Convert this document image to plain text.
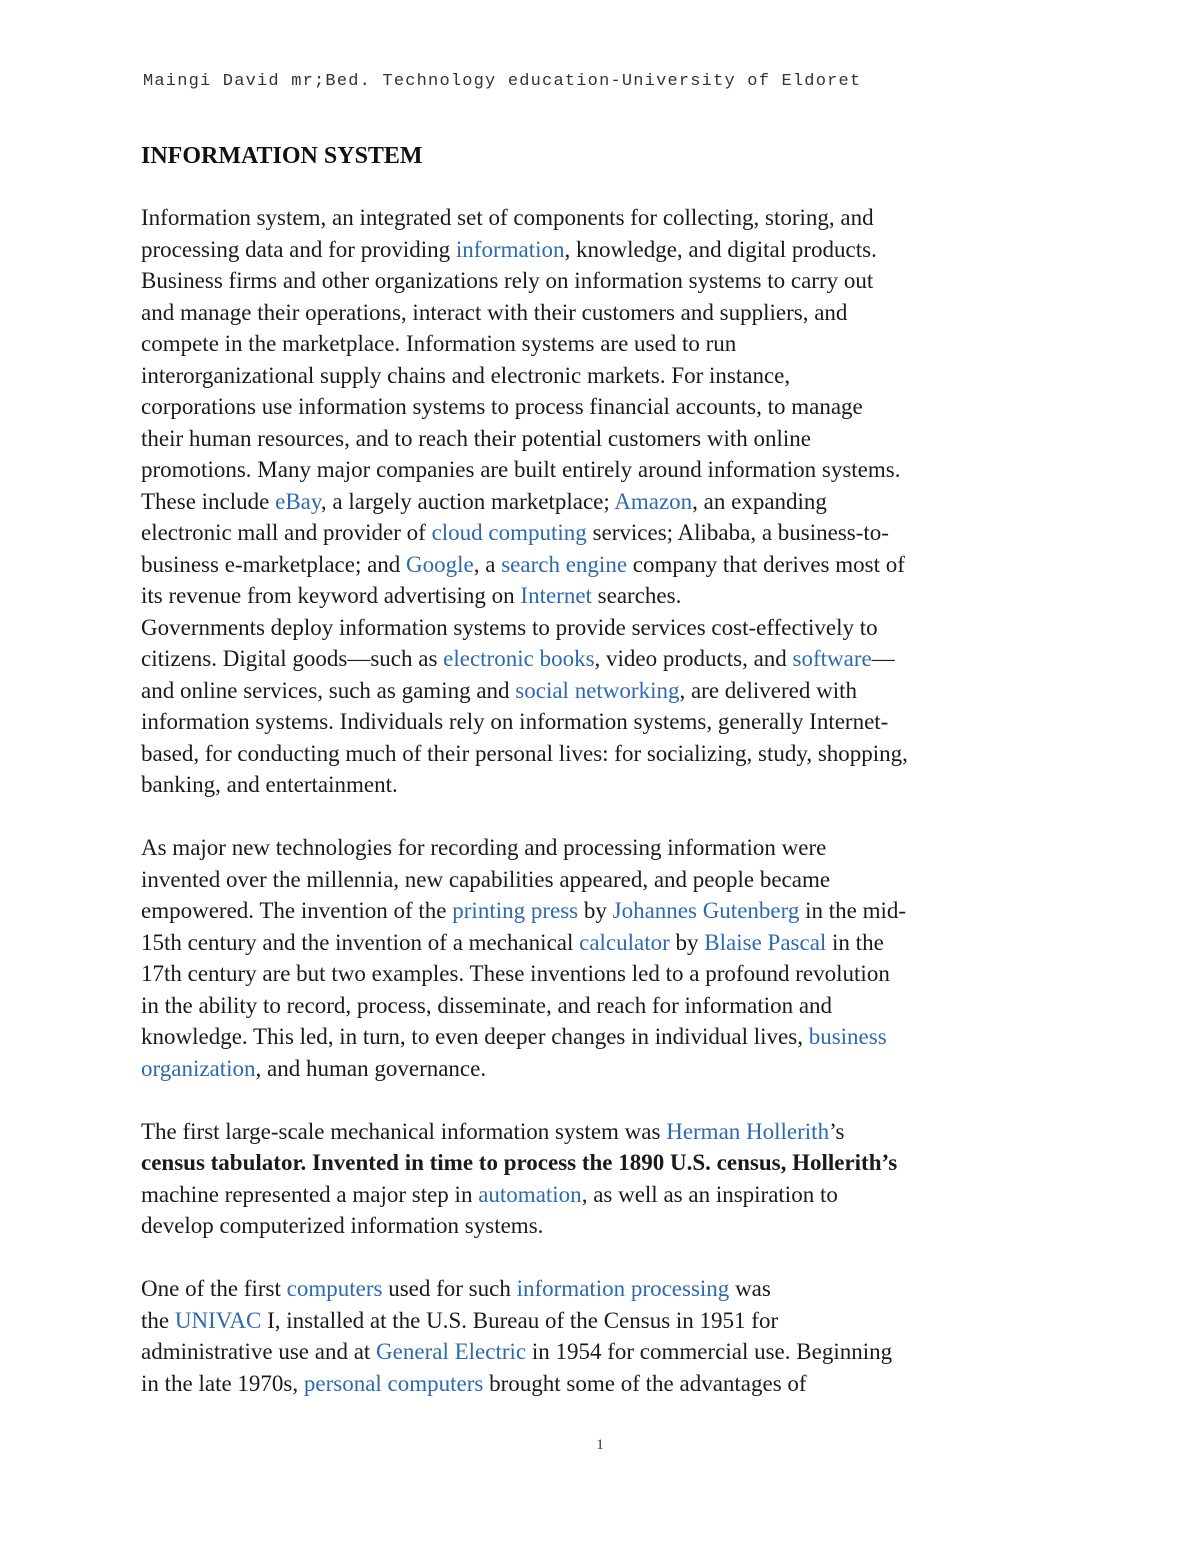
Maingi David mr;Bed. Technology education-University of Eldoret
INFORMATION SYSTEM
Information system, an integrated set of components for collecting, storing, and
processing data and for providing information, knowledge, and digital products.
Business firms and other organizations rely on information systems to carry out
and manage their operations, interact with their customers and suppliers, and
compete in the marketplace. Information systems are used to run
interorganizational supply chains and electronic markets. For instance,
corporations use information systems to process financial accounts, to manage
their human resources, and to reach their potential customers with online
promotions. Many major companies are built entirely around information systems.
These include eBay, a largely auction marketplace; Amazon, an expanding
electronic mall and provider of cloud computing services; Alibaba, a business-to-
business e-marketplace; and Google, a search engine company that derives most of
its revenue from keyword advertising on Internet searches.
Governments deploy information systems to provide services cost-effectively to
citizens. Digital goods—such as electronic books, video products, and software—
and online services, such as gaming and social networking, are delivered with
information systems. Individuals rely on information systems, generally Internet-
based, for conducting much of their personal lives: for socializing, study, shopping,
banking, and entertainment.
As major new technologies for recording and processing information were
invented over the millennia, new capabilities appeared, and people became
empowered. The invention of the printing press by Johannes Gutenberg in the mid-
15th century and the invention of a mechanical calculator by Blaise Pascal in the
17th century are but two examples. These inventions led to a profound revolution
in the ability to record, process, disseminate, and reach for information and
knowledge. This led, in turn, to even deeper changes in individual lives, business
organization, and human governance.
The first large-scale mechanical information system was Herman Hollerith’s
census tabulator. Invented in time to process the 1890 U.S. census, Hollerith’s
machine represented a major step in automation, as well as an inspiration to
develop computerized information systems.
One of the first computers used for such information processing was
the UNIVAC I, installed at the U.S. Bureau of the Census in 1951 for
administrative use and at General Electric in 1954 for commercial use. Beginning
in the late 1970s, personal computers brought some of the advantages of
1
